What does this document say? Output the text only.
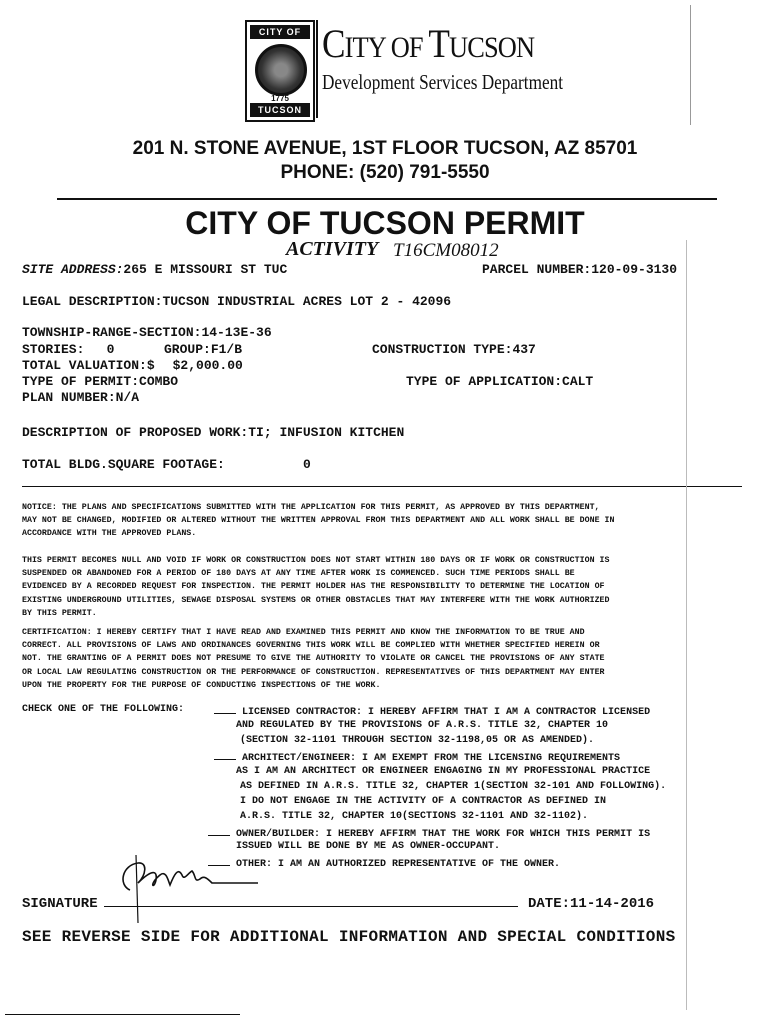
CITY OF
1775
TUCSON
CITY OF TUCSON
Development Services Department
201 N. STONE AVENUE, 1ST FLOOR TUCSON, AZ 85701
PHONE: (520) 791-5550
CITY OF TUCSON PERMIT
ACTIVITY T16CM08012
SITE ADDRESS:265 E MISSOURI ST TUC	PARCEL NUMBER:120-09-3130
LEGAL DESCRIPTION:TUCSON INDUSTRIAL ACRES LOT 2 - 42096
TOWNSHIP-RANGE-SECTION:14-13E-36
STORIES: 0	GROUP:F1/B	CONSTRUCTION TYPE:437
TOTAL VALUATION:$ $2,000.00
TYPE OF PERMIT:COMBO	TYPE OF APPLICATION:CALT
PLAN NUMBER:N/A
DESCRIPTION OF PROPOSED WORK:TI; INFUSION KITCHEN
TOTAL BLDG.SQUARE FOOTAGE:	0
NOTICE: THE PLANS AND SPECIFICATIONS SUBMITTED WITH THE APPLICATION FOR THIS PERMIT, AS APPROVED BY THIS DEPARTMENT,
MAY NOT BE CHANGED, MODIFIED OR ALTERED WITHOUT THE WRITTEN APPROVAL FROM THIS DEPARTMENT AND ALL WORK SHALL BE DONE IN
ACCORDANCE WITH THE APPROVED PLANS.
THIS PERMIT BECOMES NULL AND VOID IF WORK OR CONSTRUCTION DOES NOT START WITHIN 180 DAYS OR IF WORK OR CONSTRUCTION IS
SUSPENDED OR ABANDONED FOR A PERIOD OF 180 DAYS AT ANY TIME AFTER WORK IS COMMENCED. SUCH TIME PERIODS SHALL BE
EVIDENCED BY A RECORDED REQUEST FOR INSPECTION. THE PERMIT HOLDER HAS THE RESPONSIBILITY TO DETERMINE THE LOCATION OF
EXISTING UNDERGROUND UTILITIES, SEWAGE DISPOSAL SYSTEMS OR OTHER OBSTACLES THAT MAY INTERFERE WITH THE WORK AUTHORIZED
BY THIS PERMIT.
CERTIFICATION: I HEREBY CERTIFY THAT I HAVE READ AND EXAMINED THIS PERMIT AND KNOW THE INFORMATION TO BE TRUE AND
CORRECT. ALL PROVISIONS OF LAWS AND ORDINANCES GOVERNING THIS WORK WILL BE COMPLIED WITH WHETHER SPECIFIED HEREIN OR
NOT. THE GRANTING OF A PERMIT DOES NOT PRESUME TO GIVE THE AUTHORITY TO VIOLATE OR CANCEL THE PROVISIONS OF ANY STATE
OR LOCAL LAW REGULATING CONSTRUCTION OR THE PERFORMANCE OF CONSTRUCTION. REPRESENTATIVES OF THIS DEPARTMENT MAY ENTER
UPON THE PROPERTY FOR THE PURPOSE OF CONDUCTING INSPECTIONS OF THE WORK.
CHECK ONE OF THE FOLLOWING:	LICENSED CONTRACTOR: I HEREBY AFFIRM THAT I AM A CONTRACTOR LICENSED
AND REGULATED BY THE PROVISIONS OF A.R.S. TITLE 32, CHAPTER 10
(SECTION 32-1101 THROUGH SECTION 32-1198,05 OR AS AMENDED).
ARCHITECT/ENGINEER: I AM EXEMPT FROM THE LICENSING REQUIREMENTS
AS I AM AN ARCHITECT OR ENGINEER ENGAGING IN MY PROFESSIONAL PRACTICE
AS DEFINED IN A.R.S. TITLE 32, CHAPTER 1(SECTION 32-101 AND FOLLOWING).
I DO NOT ENGAGE IN THE ACTIVITY OF A CONTRACTOR AS DEFINED IN
A.R.S. TITLE 32, CHAPTER 10(SECTIONS 32-1101 AND 32-1102).
OWNER/BUILDER: I HEREBY AFFIRM THAT THE WORK FOR WHICH THIS PERMIT IS
ISSUED WILL BE DONE BY ME AS OWNER-OCCUPANT.
OTHER: I AM AN AUTHORIZED REPRESENTATIVE OF THE OWNER.
SIGNATURE	DATE:11-14-2016
SEE REVERSE SIDE FOR ADDITIONAL INFORMATION AND SPECIAL CONDITIONS
